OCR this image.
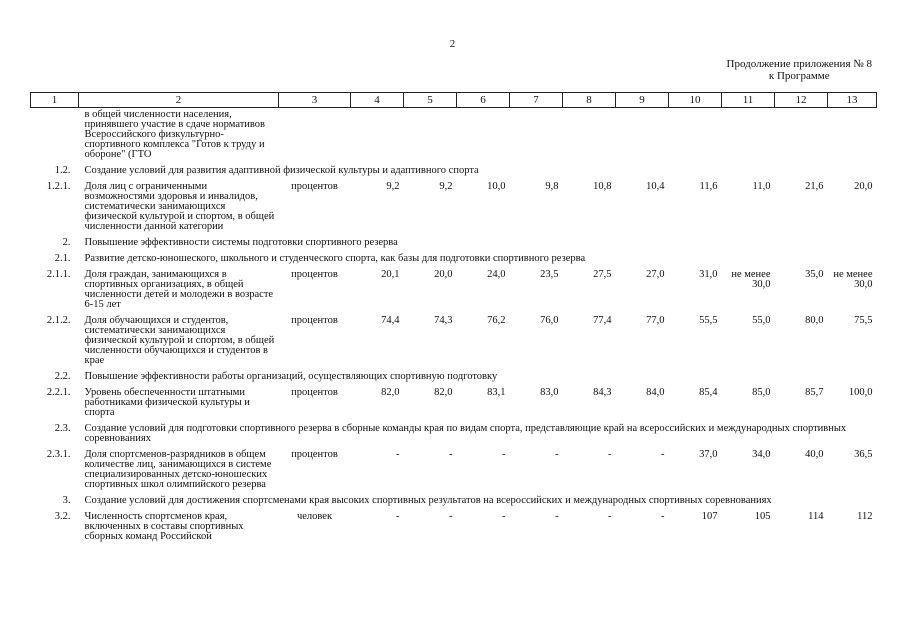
2
Продолжение приложения № 8
к Программе
1	2	3	4	5	6	7	8	9	10	11	12	13
	в общей численности населения, принявшего участие в сдаче нормативов Всероссийского физкультурно-спортивного комплекса "Готов к труду и обороне" (ГТО											
1.2.	Создание условий для развития адаптивной физической культуры и адаптивного спорта											
1.2.1.	Доля лиц с ограниченными возможностями здоровья и инвалидов, систематически занимающихся физической культурой и спортом, в общей численности данной категории	процентов	9,2	9,2	10,0	9,8	10,8	10,4	11,6	11,0	21,6	20,0
2.	Повышение эффективности системы подготовки спортивного резерва											
2.1.	Развитие детско-юношеского, школьного и студенческого спорта, как базы для подготовки спортивного резерва											
2.1.1.	Доля граждан, занимающихся в спортивных организациях, в общей численности детей и молодежи в возрасте 6-15 лет	процентов	20,1	20,0	24,0	23,5	27,5	27,0	31,0	не менее 30,0	35,0	не менее 30,0
2.1.2.	Доля обучающихся и студентов, систематически занимающихся физической культурой и спортом, в общей численности обучающихся и студентов в крае	процентов	74,4	74,3	76,2	76,0	77,4	77,0	55,5	55,0	80,0	75,5
2.2.	Повышение эффективности работы организаций, осуществляющих спортивную подготовку											
2.2.1.	Уровень обеспеченности штатными работниками физической культуры и спорта	процентов	82,0	82,0	83,1	83,0	84,3	84,0	85,4	85,0	85,7	100,0
2.3.	Создание условий для подготовки спортивного резерва в сборные команды края по видам спорта, представляющие край на всероссийских и международных спортивных соревнованиях											
2.3.1.	Доля спортсменов-разрядников в общем количестве лиц, занимающихся в системе специализированных детско-юношеских спортивных школ олимпийского резерва	процентов	-	-	-	-	-	-	37,0	34,0	40,0	36,5
3.	Создание условий для достижения спортсменами края высоких спортивных результатов на всероссийских и международных спортивных соревнованиях											
3.2.	Численность спортсменов края, включенных в составы спортивных сборных команд Российской	человек	-	-	-	-	-	-	107	105	114	112
